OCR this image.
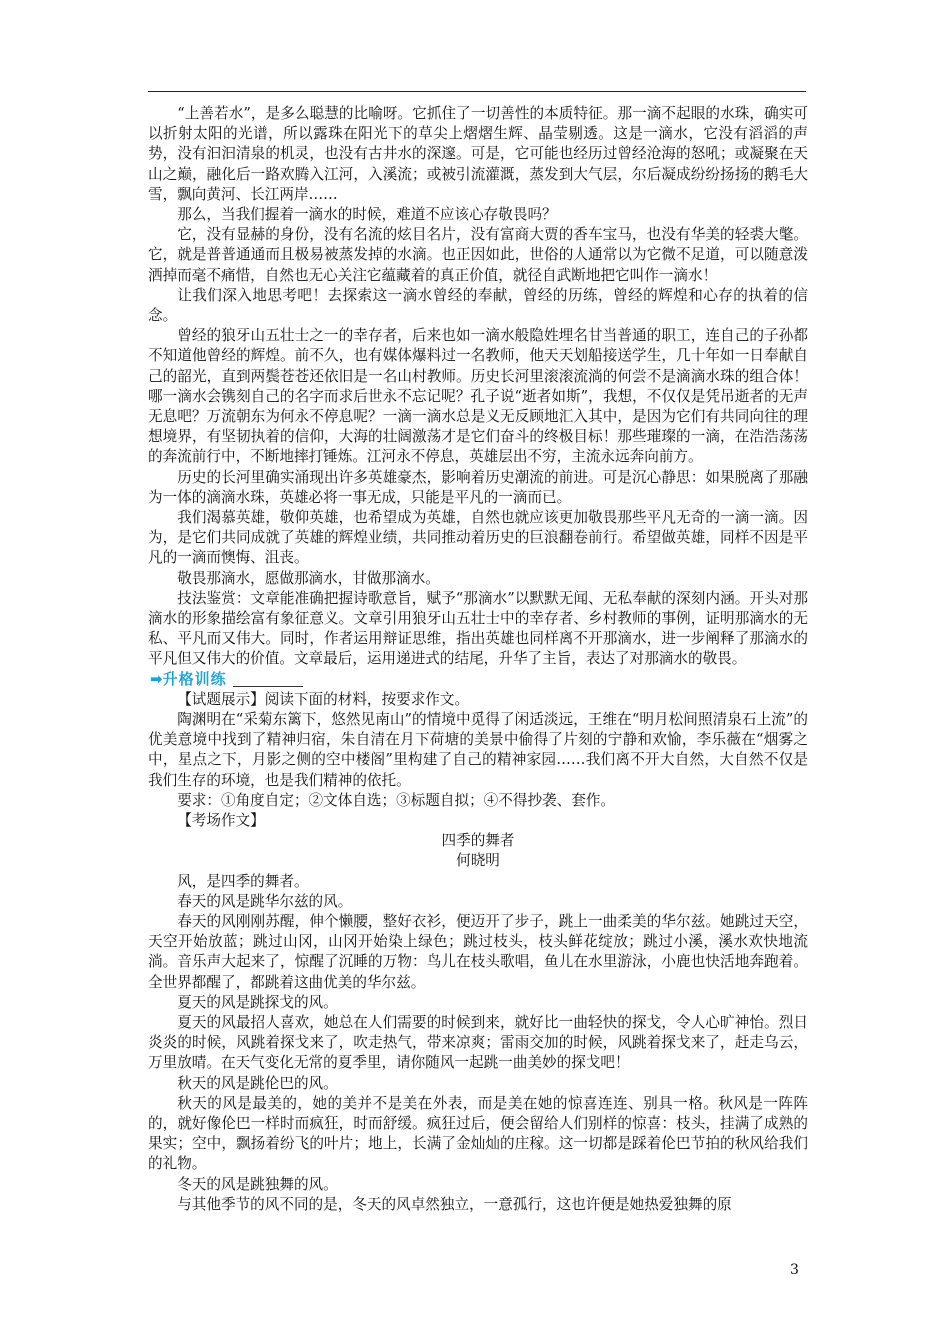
“上善若水”，是多么聪慧的比喻呀。它抓住了一切善性的本质特征。那一滴不起眼的水珠，确实可以折射太阳的光谱，所以露珠在阳光下的草尖上熠熠生辉、晶莹剔透。这是一滴水，它没有滔滔的声势，没有汩汩清泉的机灵，也没有古井水的深邃。可是，它可能也经历过曾经沧海的怒吼；或凝聚在天山之巅，融化后一路欢腾入江河，入溪流；或被引流灌溉，蒸发到大气层，尔后凝成纷纷扬扬的鹅毛大雪，飘向黄河、长江两岸……

那么，当我们握着一滴水的时候，难道不应该心存敬畏吗？

它，没有显赫的身份，没有名流的炫目名片，没有富商大贾的香车宝马，也没有华美的轻裘大氅。它，就是普普通通而且极易被蒸发掉的水滴。也正因如此，世俗的人通常以为它微不足道，可以随意泼洒掉而毫不痛惜，自然也无心关注它蕴藏着的真正价值，就径自武断地把它叫作一滴水！

让我们深入地思考吧！去探索这一滴水曾经的奉献，曾经的历练，曾经的辉煌和心存的执着的信念。

曾经的狼牙山五壮士之一的幸存者，后来也如一滴水般隐姓埋名甘当普通的职工，连自己的子孙都不知道他曾经的辉煌。前不久，也有媒体爆料过一名教师，他天天划船接送学生，几十年如一日奉献自己的韶光，直到两鬓苍苍还依旧是一名山村教师。历史长河里滚滚流淌的何尝不是滴滴水珠的组合体！哪一滴水会镌刻自己的名字而求后世永不忘记呢？孔子说“逝者如斯”，我想，不仅仅是凭吊逝者的无声无息吧？万流朝东为何永不停息呢？一滴一滴水总是义无反顾地汇入其中，是因为它们有共同向往的理想境界，有坚韧执着的信仰，大海的壮阔激荡才是它们奋斗的终极目标！那些璀璨的一滴，在浩浩荡荡的奔流前行中，不断地摔打锤炼。江河永不停息，英雄层出不穷，主流永远奔向前方。

历史的长河里确实涌现出许多英雄豪杰，影响着历史潮流的前进。可是沉心静思：如果脱离了那融为一体的滴滴水珠，英雄必将一事无成，只能是平凡的一滴而已。

我们渴慕英雄，敬仰英雄，也希望成为英雄，自然也就应该更加敬畏那些平凡无奇的一滴一滴。因为，是它们共同成就了英雄的辉煌业绩，共同推动着历史的巨浪翻卷前行。希望做英雄，同样不因是平凡的一滴而懊悔、沮丧。

敬畏那滴水，愿做那滴水，甘做那滴水。

技法鉴赏：文章能准确把握诗歌意旨，赋予“那滴水”以默默无闻、无私奉献的深刻内涵。开头对那滴水的形象描绘富有象征意义。文章引用狼牙山五壮士中的幸存者、乡村教师的事例，证明那滴水的无私、平凡而又伟大。同时，作者运用辩证思维，指出英雄也同样离不开那滴水，进一步阐释了那滴水的平凡但又伟大的价值。文章最后，运用递进式的结尾，升华了主旨，表达了对那滴水的敬畏。

➡ 升格训练

【试题展示】阅读下面的材料，按要求作文。

陶渊明在“采菊东篱下，悠然见南山”的情境中觅得了闲适淡远，王维在“明月松间照清泉石上流”的优美意境中找到了精神归宿，朱自清在月下荷塘的美景中偷得了片刻的宁静和欢愉，李乐薇在“烟雾之中，星点之下，月影之侧的空中楼阁”里构建了自己的精神家园……我们离不开大自然，大自然不仅是我们生存的环境，也是我们精神的依托。

要求：①角度自定；②文体自选；③标题自拟；④不得抄袭、套作。

【考场作文】

四季的舞者

何晓明

风，是四季的舞者。

春天的风是跳华尔兹的风。

春天的风刚刚苏醒，伸个懒腰，整好衣衫，便迈开了步子，跳上一曲柔美的华尔兹。她跳过天空，天空开始放蓝；跳过山冈，山冈开始染上绿色；跳过枝头，枝头鲜花绽放；跳过小溪，溪水欢快地流淌。音乐声大起来了，惊醒了沉睡的万物：鸟儿在枝头歌唱，鱼儿在水里游泳，小鹿也快活地奔跑着。全世界都醒了，都跳着这曲优美的华尔兹。

夏天的风是跳探戈的风。

夏天的风最招人喜欢，她总在人们需要的时候到来，就好比一曲轻快的探戈，令人心旷神怡。烈日炎炎的时候，风跳着探戈来了，吹走热气，带来凉爽；雷雨交加的时候，风跳着探戈来了，赶走乌云，万里放晴。在天气变化无常的夏季里，请你随风一起跳一曲美妙的探戈吧！

秋天的风是跳伦巴的风。

秋天的风是最美的，她的美并不是美在外表，而是美在她的惊喜连连、别具一格。秋风是一阵阵的，就好像伦巴一样时而疯狂，时而舒缓。疯狂过后，便会留给人们别样的惊喜：枝头，挂满了成熟的果实；空中，飘扬着纷飞的叶片；地上，长满了金灿灿的庄稼。这一切都是踩着伦巴节拍的秋风给我们的礼物。

冬天的风是跳独舞的风。

与其他季节的风不同的是，冬天的风卓然独立，一意孤行，这也许便是她热爱独舞的原

3
